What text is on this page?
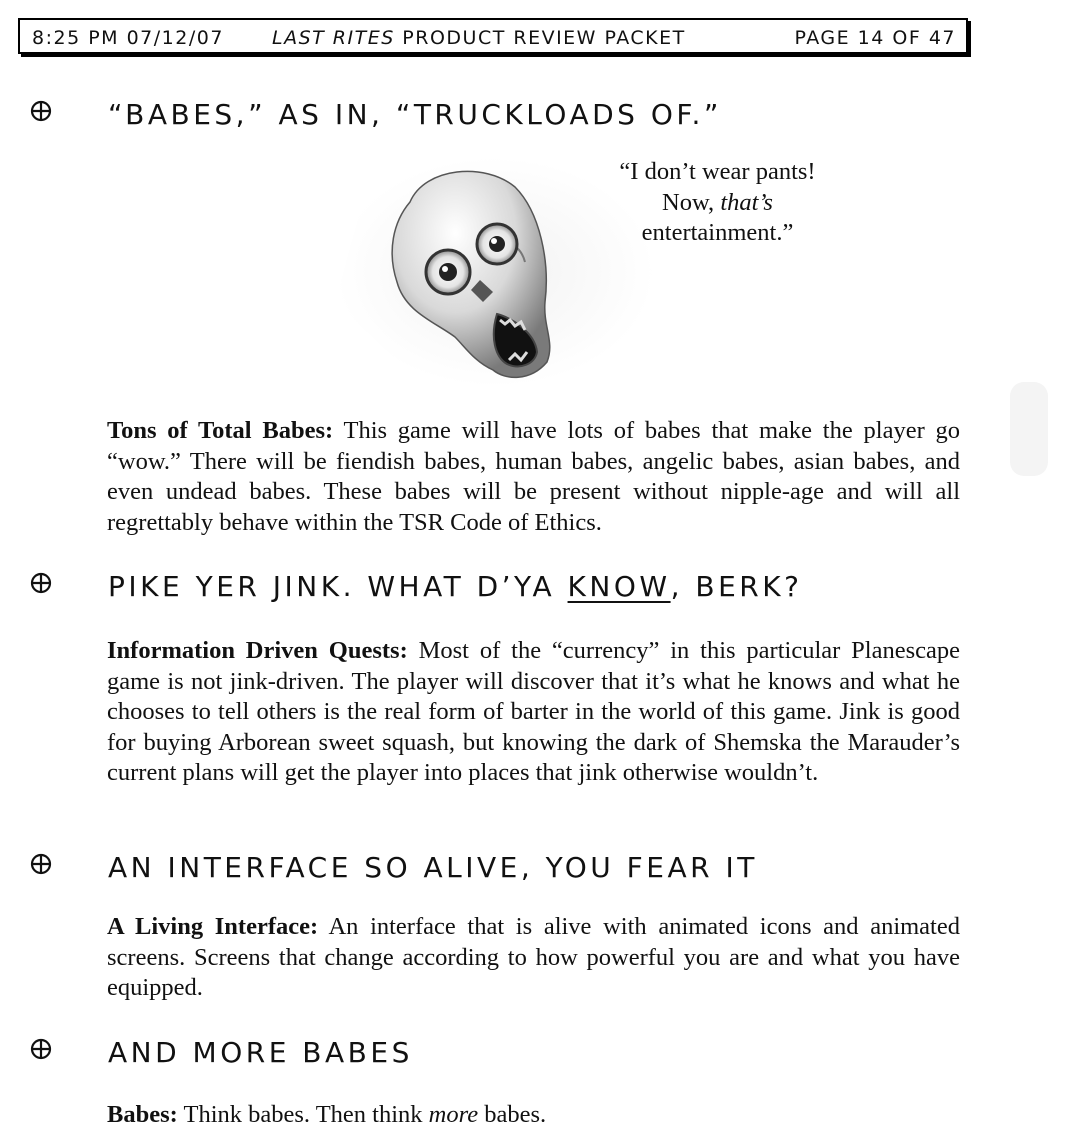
8:25 PM 07/12/07	LAST RITES PRODUCT REVIEW PACKET	PAGE 14 OF 47
“BABES,” AS IN, “TRUCKLOADS OF.”
“I don’t wear pants!
Now, that’s
entertainment.”

Tons of Total Babes: This game will have lots of babes that make the player go “wow.” There will be fiendish babes, human babes, angelic babes, asian babes, and even undead babes. These babes will be present without nipple-age and will all regrettably behave within the TSR Code of Ethics.

PIKE YER JINK. WHAT D’YA KNOW, BERK?

Information Driven Quests: Most of the “currency” in this particular Planescape game is not jink-driven. The player will discover that it’s what he knows and what he chooses to tell others is the real form of barter in the world of this game. Jink is good for buying Arborean sweet squash, but knowing the dark of Shemska the Marauder’s current plans will get the player into places that jink otherwise wouldn’t.

AN INTERFACE SO ALIVE, YOU FEAR IT

A Living Interface: An interface that is alive with animated icons and animated screens. Screens that change according to how powerful you are and what you have equipped.

AND MORE BABES

Babes: Think babes. Then think more babes.
